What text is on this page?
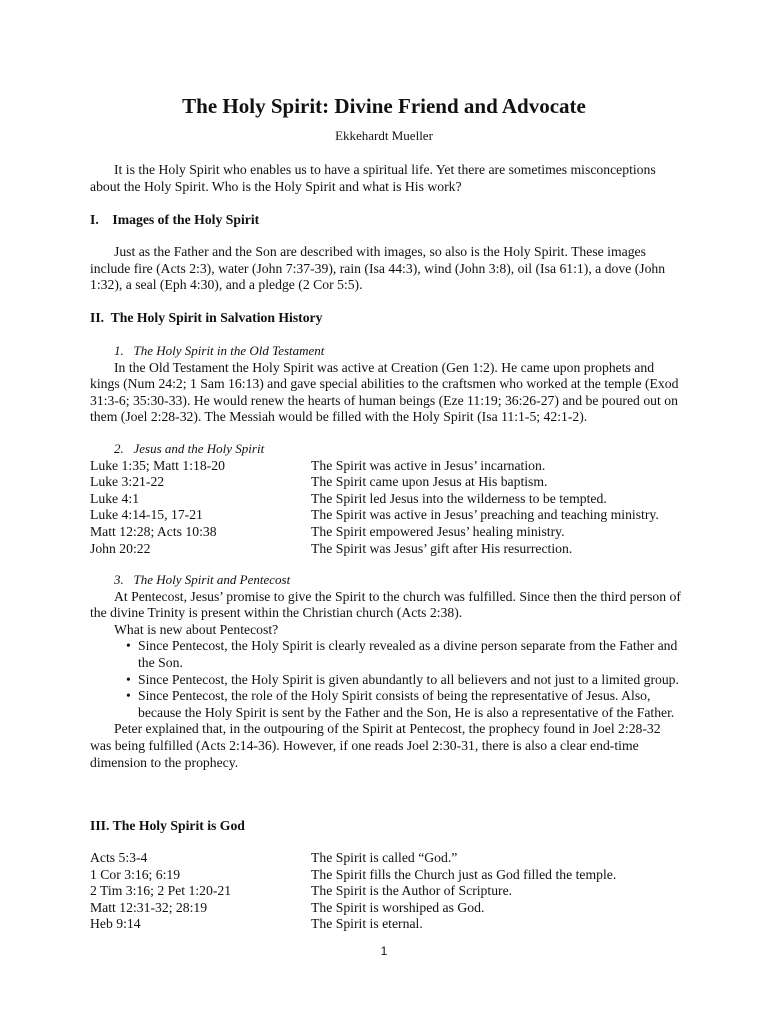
The Holy Spirit: Divine Friend and Advocate
Ekkehardt Mueller

It is the Holy Spirit who enables us to have a spiritual life. Yet there are sometimes misconceptions about the Holy Spirit. Who is the Holy Spirit and what is His work?

I.    Images of the Holy Spirit

Just as the Father and the Son are described with images, so also is the Holy Spirit. These images include fire (Acts 2:3), water (John 7:37-39), rain (Isa 44:3), wind (John 3:8), oil (Isa 61:1), a dove (John 1:32), a seal (Eph 4:30), and a pledge (2 Cor 5:5).

II.  The Holy Spirit in Salvation History
1.   The Holy Spirit in the Old Testament

In the Old Testament the Holy Spirit was active at Creation (Gen 1:2). He came upon prophets and kings (Num 24:2; 1 Sam 16:13) and gave special abilities to the craftsmen who worked at the temple (Exod 31:3-6; 35:30-33). He would renew the hearts of human beings (Eze 11:19; 36:26-27) and be poured out on them (Joel 2:28-32). The Messiah would be filled with the Holy Spirit (Isa 11:1-5; 42:1-2).

2.   Jesus and the Holy Spirit
Luke 1:35; Matt 1:18-20	The Spirit was active in Jesus’ incarnation.
Luke 3:21-22	The Spirit came upon Jesus at His baptism.
Luke 4:1	The Spirit led Jesus into the wilderness to be tempted.
Luke 4:14-15, 17-21	The Spirit was active in Jesus’ preaching and teaching ministry.
Matt 12:28; Acts 10:38	The Spirit empowered Jesus’ healing ministry.
John 20:22	The Spirit was Jesus’ gift after His resurrection.
3.   The Holy Spirit and Pentecost

At Pentecost, Jesus’ promise to give the Spirit to the church was fulfilled. Since then the third person of the divine Trinity is present within the Christian church (Acts 2:38).

What is new about Pentecost?

• Since Pentecost, the Holy Spirit is clearly revealed as a divine person separate from the Father and the Son.
• Since Pentecost, the Holy Spirit is given abundantly to all believers and not just to a limited group.
• Since Pentecost, the role of the Holy Spirit consists of being the representative of Jesus. Also, because the Holy Spirit is sent by the Father and the Son, He is also a representative of the Father.

Peter explained that, in the outpouring of the Spirit at Pentecost, the prophecy found in Joel 2:28-32 was being fulfilled (Acts 2:14-36). However, if one reads Joel 2:30-31, there is also a clear end-time dimension to the prophecy.

III. The Holy Spirit is God
Acts 5:3-4	The Spirit is called “God.”
1 Cor 3:16; 6:19	The Spirit fills the Church just as God filled the temple.
2 Tim 3:16; 2 Pet 1:20-21	The Spirit is the Author of Scripture.
Matt 12:31-32; 28:19	The Spirit is worshiped as God.
Heb 9:14	The Spirit is eternal.
1
